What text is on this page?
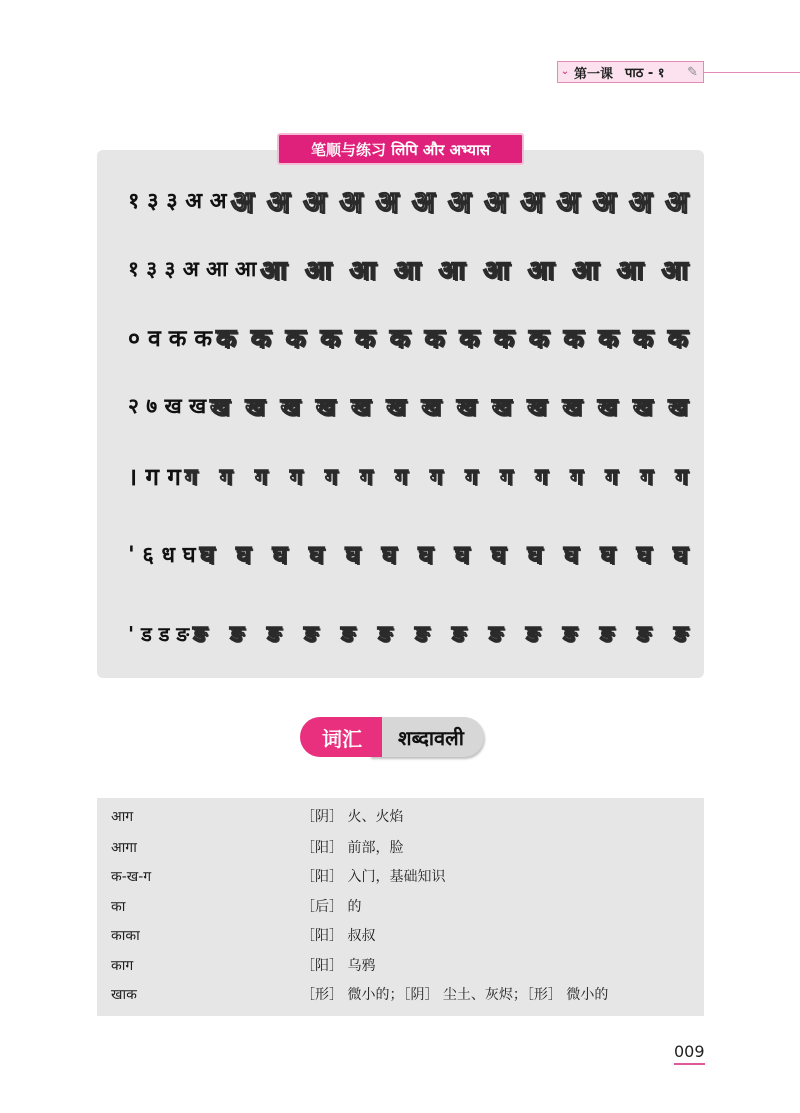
⌄ 第一课 पाठ - १ ✎
笔顺与练习 लिपि और अभ्यास
१ ३ ३ अ अ अ अ अ अ अ अ अ अ अ अ अ अ अ
१ ३ ३ अ आ आ आ आ आ आ आ आ आ आ आ आ
० व क क क क क क क क क क क क क क क क
२ ७ ख ख ख ख ख ख ख ख ख ख ख ख ख ख ख ख
। ग ग ग ग ग ग ग ग ग ग ग ग ग ग ग ग ग
' ६ ध घ घ घ घ घ घ घ घ घ घ घ घ घ घ घ
' ड ड ङ ङ ङ ङ ङ ङ ङ ङ ङ ङ ङ ङ ङ ङ ङ
词汇	शब्दावली
आग	［阴］ 火、火焰
आगा	［阳］ 前部，脸
क-ख-ग	［阳］ 入门，基础知识
का	［后］ 的
काका	［阳］ 叔叔
काग	［阳］ 乌鸦
खाक	［形］ 微小的；［阴］ 尘土、灰烬；［形］ 微小的
009
